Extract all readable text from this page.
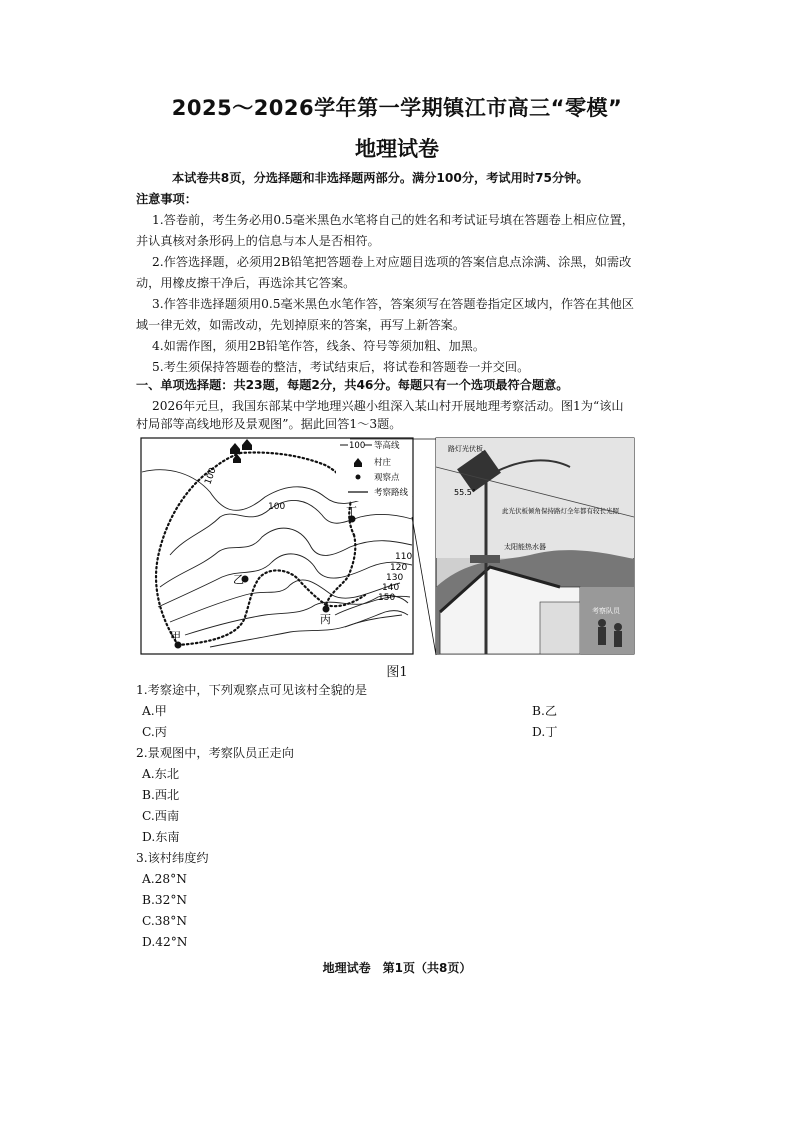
2025～2026学年第一学期镇江市高三“零模”
地理试卷
本试卷共8页，分选择题和非选择题两部分。满分100分，考试用时75分钟。
注意事项：
1.答卷前，考生务必用0.5毫米黑色水笔将自己的姓名和考试证号填在答题卷上相应位置，
并认真核对条形码上的信息与本人是否相符。
2.作答选择题，必须用2B铅笔把答题卷上对应题目选项的答案信息点涂满、涂黑，如需改
动，用橡皮擦干净后，再选涂其它答案。
3.作答非选择题须用0.5毫米黑色水笔作答，答案须写在答题卷指定区域内，作答在其他区
域一律无效，如需改动，先划掉原来的答案，再写上新答案。
4.如需作图，须用2B铅笔作答，线条、符号等须加粗、加黑。
5.考生须保持答题卷的整洁，考试结束后，将试卷和答题卷一并交回。
一、单项选择题：共23题，每题2分，共46分。每题只有一个选项最符合题意。
2026年元旦，我国东部某中学地理兴趣小组深入某山村开展地理考察活动。图1为“该山
村局部等高线地形及景观图”。据此回答1～3题。
甲
乙
丙
丁
100
100
110
120
130
140
150
100 等高线
村庄
观察点
考察路线
路灯光伏板
55.5°
此光伏板倾角保持路灯全年都有较长光照
太阳能热水器
考察队员
图1
1.考察途中，下列观察点可见该村全貌的是
A.甲	B.乙
C.丙	D.丁
2.景观图中，考察队员正走向
A.东北
B.西北
C.西南
D.东南
3.该村纬度约
A.28°N
B.32°N
C.38°N
D.42°N
地理试卷　第1页（共8页）
